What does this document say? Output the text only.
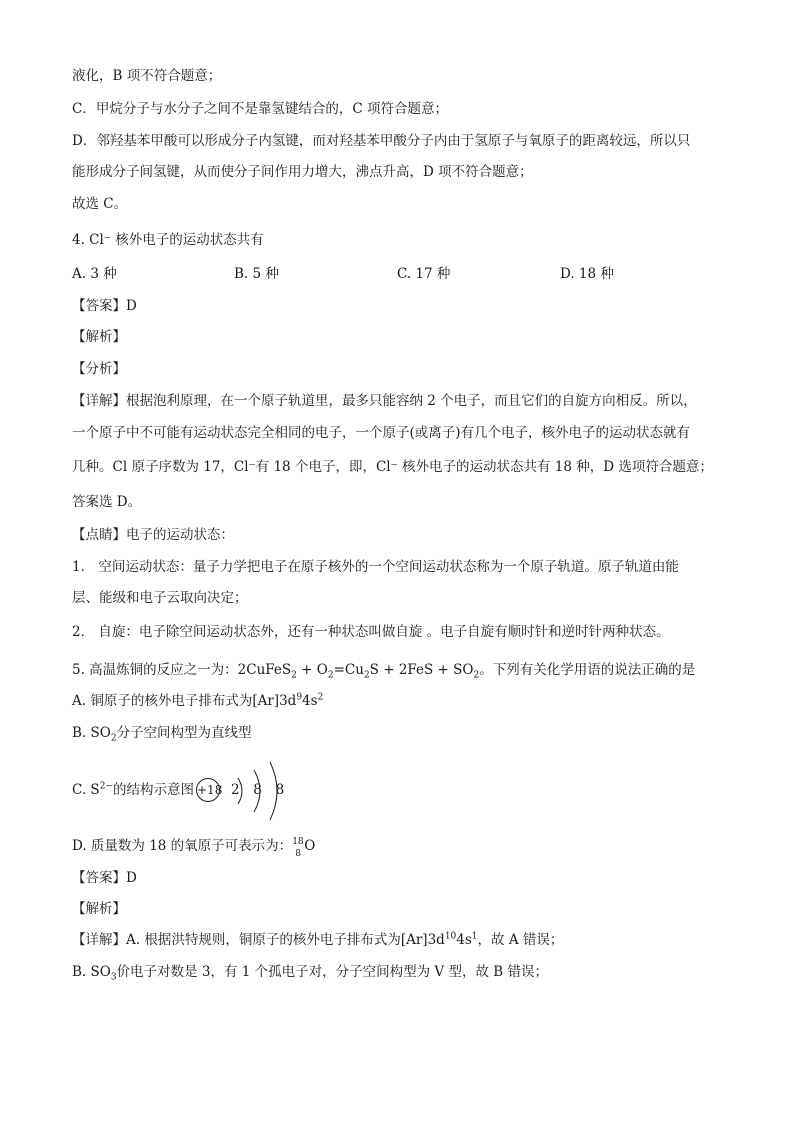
液化，B 项不符合题意；
C．甲烷分子与水分子之间不是靠氢键结合的，C 项符合题意；
D．邻羟基苯甲酸可以形成分子内氢键，而对羟基苯甲酸分子内由于氢原子与氧原子的距离较远，所以只
能形成分子间氢键，从而使分子间作用力增大，沸点升高，D 项不符合题意；
故选 C。
4. Cl⁻ 核外电子的运动状态共有
A. 3 种	B. 5 种	C. 17 种	D. 18 种
【答案】D
【解析】
【分析】
【详解】根据泡利原理，在一个原子轨道里，最多只能容纳 2 个电子，而且它们的自旋方向相反。所以，
一个原子中不可能有运动状态完全相同的电子，一个原子(或离子)有几个电子，核外电子的运动状态就有
几种。Cl 原子序数为 17，Cl⁻有 18 个电子，即，Cl⁻ 核外电子的运动状态共有 18 种，D 选项符合题意；
答案选 D。
【点睛】电子的运动状态：
1． 空间运动状态：量子力学把电子在原子核外的一个空间运动状态称为一个原子轨道。原子轨道由能
层、能级和电子云取向决定；
2． 自旋：电子除空间运动状态外，还有一种状态叫做自旋 。电子自旋有顺时针和逆时针两种状态。
5. 高温炼铜的反应之一为：2CuFeS$_2$ + $O_2=Cu_2S + 2FeS + SO_2$。下列有关化学用语的说法正确的是
A. 铜原子的核外电子排布式为$[Ar]3d^94s^2$
B. $SO_2$分子空间构型为直线型
C. $S^{2-}$的结构示意图 +18 2 8 8
D. 质量数为 18 的氧原子可表示为： 18
8 O
【答案】D
【解析】
【详解】A. 根据洪特规则，铜原子的核外电子排布式为$[Ar]3d^{10}4s^1$，故 A 错误；
B. $SO_3$价电子对数是 3，有 1 个孤电子对，分子空间构型为 V 型，故 B 错误；
